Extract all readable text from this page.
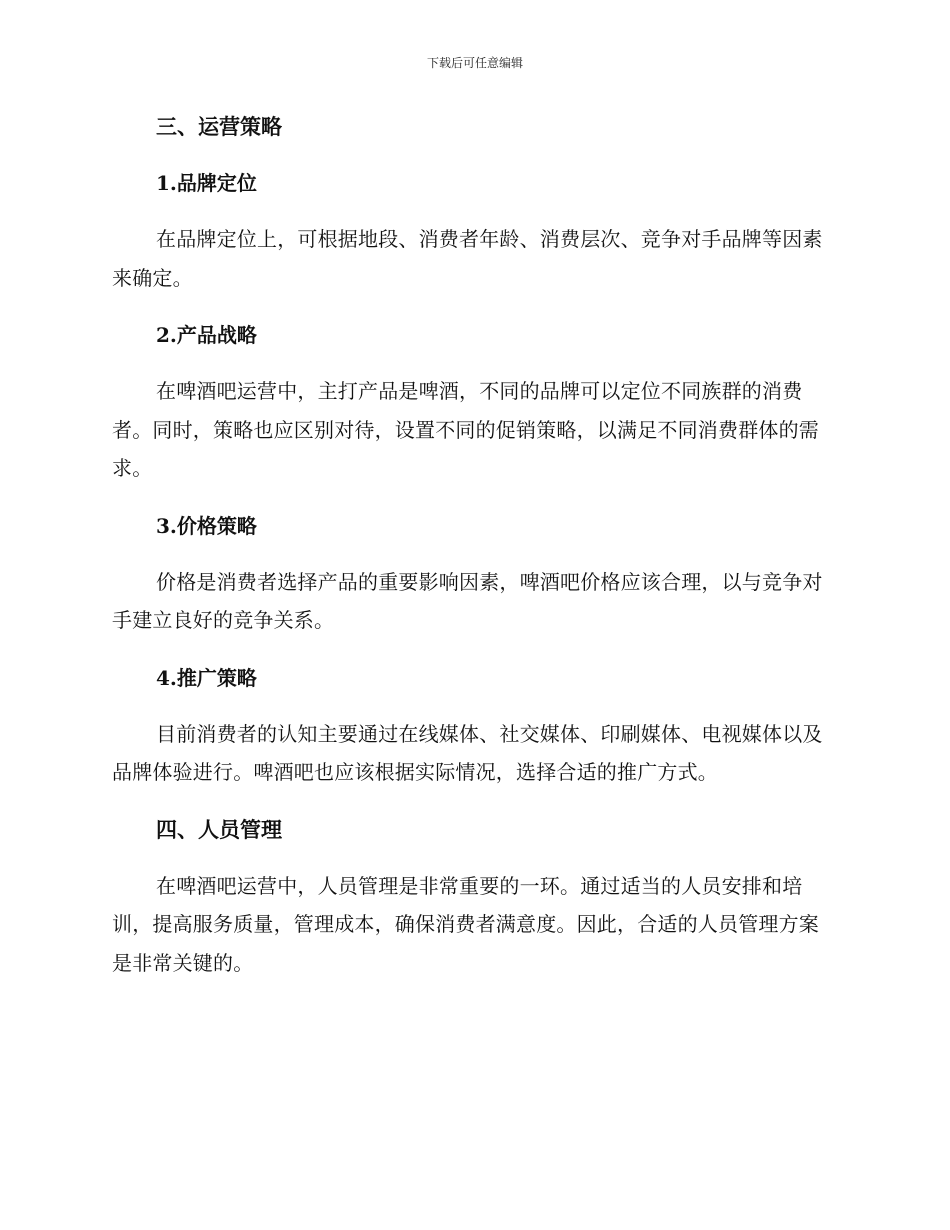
下载后可任意编辑
三、运营策略
1.品牌定位

在品牌定位上，可根据地段、消费者年龄、消费层次、竞争对手品牌等因素来确定。

2.产品战略

在啤酒吧运营中，主打产品是啤酒，不同的品牌可以定位不同族群的消费者。同时，策略也应区别对待，设置不同的促销策略，以满足不同消费群体的需求。

3.价格策略

价格是消费者选择产品的重要影响因素，啤酒吧价格应该合理，以与竞争对手建立良好的竞争关系。

4.推广策略

目前消费者的认知主要通过在线媒体、社交媒体、印刷媒体、电视媒体以及品牌体验进行。啤酒吧也应该根据实际情况，选择合适的推广方式。

四、人员管理

在啤酒吧运营中，人员管理是非常重要的一环。通过适当的人员安排和培训，提高服务质量，管理成本，确保消费者满意度。因此，合适的人员管理方案是非常关键的。
